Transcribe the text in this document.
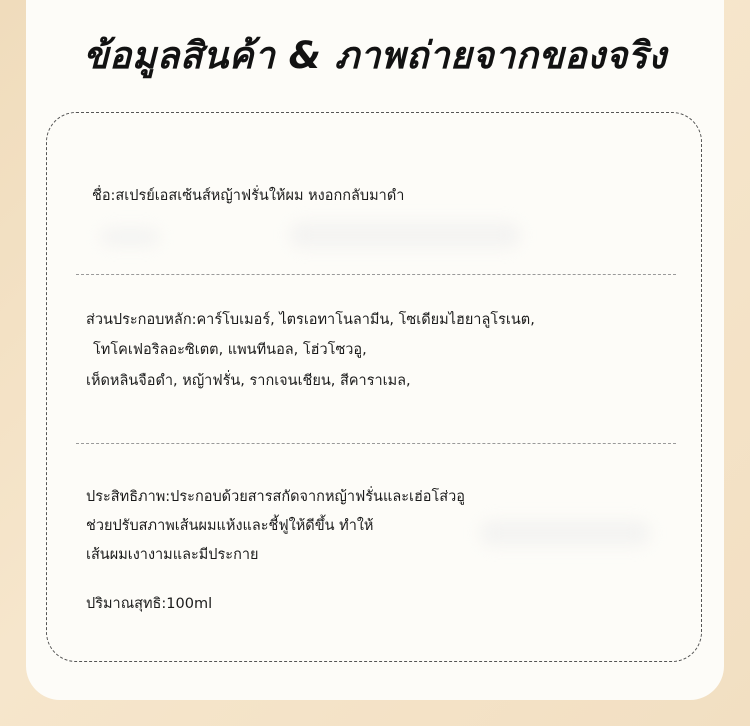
ข้อมูลสินค้า & ภาพถ่ายจากของจริง
ชื่อ:สเปรย์เอสเซ้นส์หญ้าฟรั่นให้ผม หงอกกลับมาดำ
ส่วนประกอบหลัก:คาร์โบเมอร์, ไตรเอทาโนลามีน, โซเดียมไฮยาลูโรเนต,
โทโคเฟอริลอะซิเตต, แพนทีนอล, โฮ่วโซวอู,
เห็ดหลินจือดำ, หญ้าฟรั่น, รากเจนเชียน, สีคาราเมล,
ประสิทธิภาพ:ประกอบด้วยสารสกัดจากหญ้าฟรั่นและเฮ่อโส่วอู
ช่วยปรับสภาพเส้นผมแห้งและชี้ฟูให้ดีขึ้น ทำให้
เส้นผมเงางามและมีประกาย
ปริมาณสุทธิ:100ml
